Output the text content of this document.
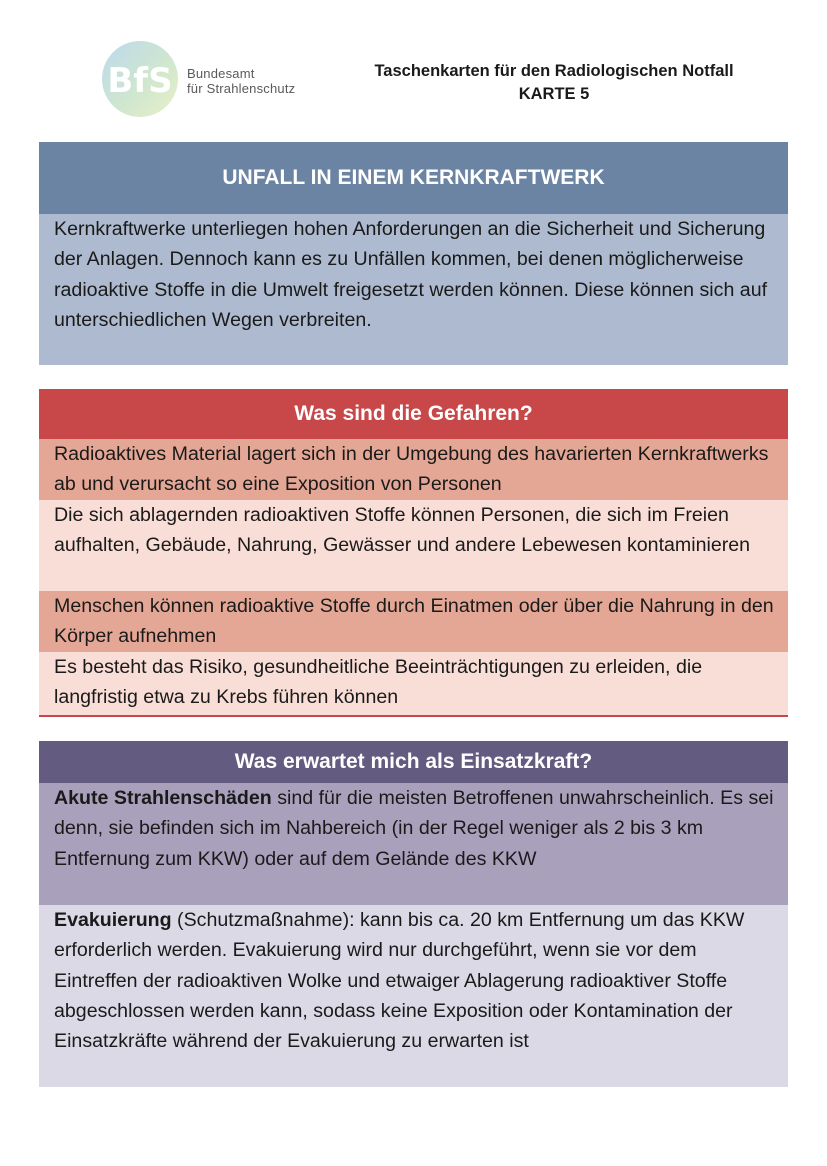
BfS Bundesamt
für Strahlenschutz
Taschenkarten für den Radiologischen Notfall
KARTE 5
UNFALL IN EINEM KERNKRAFTWERK
Kernkraftwerke unterliegen hohen Anforderungen an die Sicherheit und Sicherung der Anlagen. Dennoch kann es zu Unfällen kommen, bei denen möglicherweise radioaktive Stoffe in die Umwelt freigesetzt werden können. Diese können sich auf unterschiedlichen Wegen verbreiten.
Was sind die Gefahren?
Radioaktives Material lagert sich in der Umgebung des havarierten Kernkraftwerks ab und verursacht so eine Exposition von Personen
Die sich ablagernden radioaktiven Stoffe können Personen, die sich im Freien aufhalten, Gebäude, Nahrung, Gewässer und andere Lebewesen kontaminieren
Menschen können radioaktive Stoffe durch Einatmen oder über die Nahrung in den Körper aufnehmen
Es besteht das Risiko, gesundheitliche Beeinträchtigungen zu erleiden, die langfristig etwa zu Krebs führen können
Was erwartet mich als Einsatzkraft?
Akute Strahlenschäden sind für die meisten Betroffenen unwahrscheinlich. Es sei denn, sie befinden sich im Nahbereich (in der Regel weniger als 2 bis 3 km Entfernung zum KKW) oder auf dem Gelände des KKW
Evakuierung (Schutzmaßnahme): kann bis ca. 20 km Entfernung um das KKW erforderlich werden. Evakuierung wird nur durchgeführt, wenn sie vor dem Eintreffen der radioaktiven Wolke und etwaiger Ablagerung radioaktiver Stoffe abgeschlossen werden kann, sodass keine Exposition oder Kontamination der Einsatzkräfte während der Evakuierung zu erwarten ist
